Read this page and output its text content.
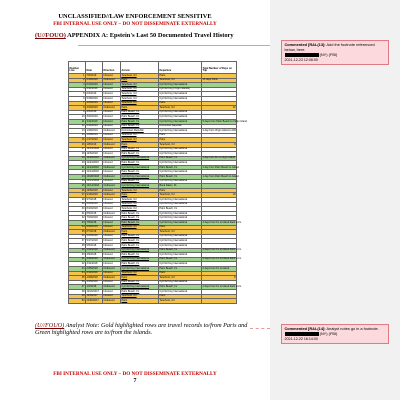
UNCLASSIFIED//LAW ENFORCEMENT SENSITIVE
FBI INTERNAL USE ONLY – DO NOT DISSEMINATE EXTERNALLY
(U//FOUO) APPENDIX A: Epstein's Last 50 Documented Travel History
Number Line	Date	Direction	Arrival	Departure	Total Number of Days on Trip
1	7/6/2019	Inbound	Teterboro, NJ	Paris	
2	6/19/2019	Outbound	Paris	Teterboro, NJ	15 days Paris
3	6/14/2019	Inbound	Teterboro, NJ	Cyril E King International	
4	6/11/2019	Inbound	Teterboro, NJ	Cyril E King (Virgin Islands)	
5	6/4/2019	Inbound	Teterboro, NJ	Cyril E King International	
6	5/18/2019	Inbound	Teterboro, NJ	Cyril E King International	
7	4/30/2019	Inbound	Teterboro, NJ	Paris	
8	4/20/2019	Outbound	Paris	Teterboro, NJ	10
9	4/5/2019	Inbound	Palm Beach, FL	Cyril E King International	
10	3/24/2019	Inbound	Palm Beach, FL	Cyril E King International	
11	3/11/2019	Inbound	Palm Beach, FL	Cyril E King International	5 days from Palm Beach to Virgin Island
12	2/14/2019	Inbound	Palm Beach, FL	Dominican Republic	
13	1/29/2019	Outbound	Dominican Republic	Cyril E King International	1 day from Virgin Island to DR
14	1/28/2019	Inbound	Teterboro, NJ	Paris	
15	1/17/2019	Inbound	Teterboro, NJ	Paris	
16	1/8/2019	Outbound	Paris	Teterboro, NJ	9
17	12/19/2018	Inbound	Palm Beach, FL	Cyril E King International	
18	12/6/2018	Inbound	Palm Beach, FL	Cyril E King International	
19	11/26/2018	Outbound	Cyril E King International	Palm Beach, FL	1 day from FL to Virgin Island
20	11/23/2018	Inbound	Palm Beach, FL	Cyril E King International	
21	11/14/2018	Outbound	Cyril E King International	Palm Beach, FL	1 day from Palm Beach to Island
22	11/14/2018	Inbound	Palm Beach, FL	Cyril E King International	
23	10/28/2018	Outbound	Cyril E King International	Palm Beach, FL	1 day from Palm Beach to Island
24	10/21/2018	Inbound	Palm Beach, FL	Cyril E King International	
25	10/14/2018	Outbound	Cyril E King International	Boca Raton, FL	
26	10/5/2018	Inbound	Teterboro, NJ	Paris	
27	9/16/2018	Outbound	Paris	Teterboro, NJ	19
28	9/7/2018	Inbound	Teterboro, NJ	Cyril E King International	
29	8/20/2018	Inbound	Teterboro, NJ	Cyril E King International	
30	8/10/2018	Inbound	Teterboro, NJ	Palm Beach, FL	
31	8/5/2018	Outbound	Palm Beach, FL	Cyril E King International	
32	7/23/2018	Inbound	Palm Beach, FL	Cyril E King International	
33	7/5/2018	Inbound	Palm Beach, FL	Cyril E King International	3 days from FL to island back to FL
34	6/29/2018	Inbound	Teterboro, NJ	Paris	
35	6/7/2018	Outbound	Paris	Teterboro, NJ	
36	5/30/2018	Inbound	Palm Beach, FL	Cyril E King International	
37	5/17/2018	Inbound	Palm Beach, FL	Cyril E King International	
38	5/5/2018	Inbound	Palm Beach, FL	Cyril E King International	
39	4/22/2018	Outbound	Cyril E King International	Palm Beach, FL	4 days from FL to island back to FL
40	4/9/2018	Inbound	Palm Beach, FL	Cyril E King International	
41	3/26/2018	Outbound	Cyril E King International	Palm Beach, FL	5 days from FL to island back to FL
42	3/11/2018	Inbound	Palm Beach, FL	Cyril E King International	
43	2/25/2018	Outbound	Cyril E King International	Palm Beach, FL	2 days from FL to island
44	2/12/2018	Inbound	Teterboro, NJ	Paris	
45	1/28/2018	Outbound	Paris	Teterboro, NJ	8
46	1/15/2018	Inbound	Palm Beach, FL	Cyril E King International	
47	1/2/2018	Outbound	Cyril E King International	Palm Beach, FL	4 days from FL to island back to FL
48	12/20/2017	Inbound	Palm Beach, FL	Cyril E King International	
49	12/8/2017	Inbound	Teterboro, NJ	Paris	
50	11/26/2017	Outbound	Paris	Teterboro, NJ	
(U//FOUO) Analyst Note: Gold highlighted rows are travel records to/from Paris and Green highlighted rows are to/from the islands.
FBI INTERNAL USE ONLY – DO NOT DISSEMINATE EXTERNALLY
7
Commented [RAL(13]: Add the footnote referenced below, here.
(NY) (FBI)
2021-12-23 12:08:00
Commented [RAL(14]: Analyst notes go in a footnote.
(NY) (FBI)
2021-12-22 16:14:00
